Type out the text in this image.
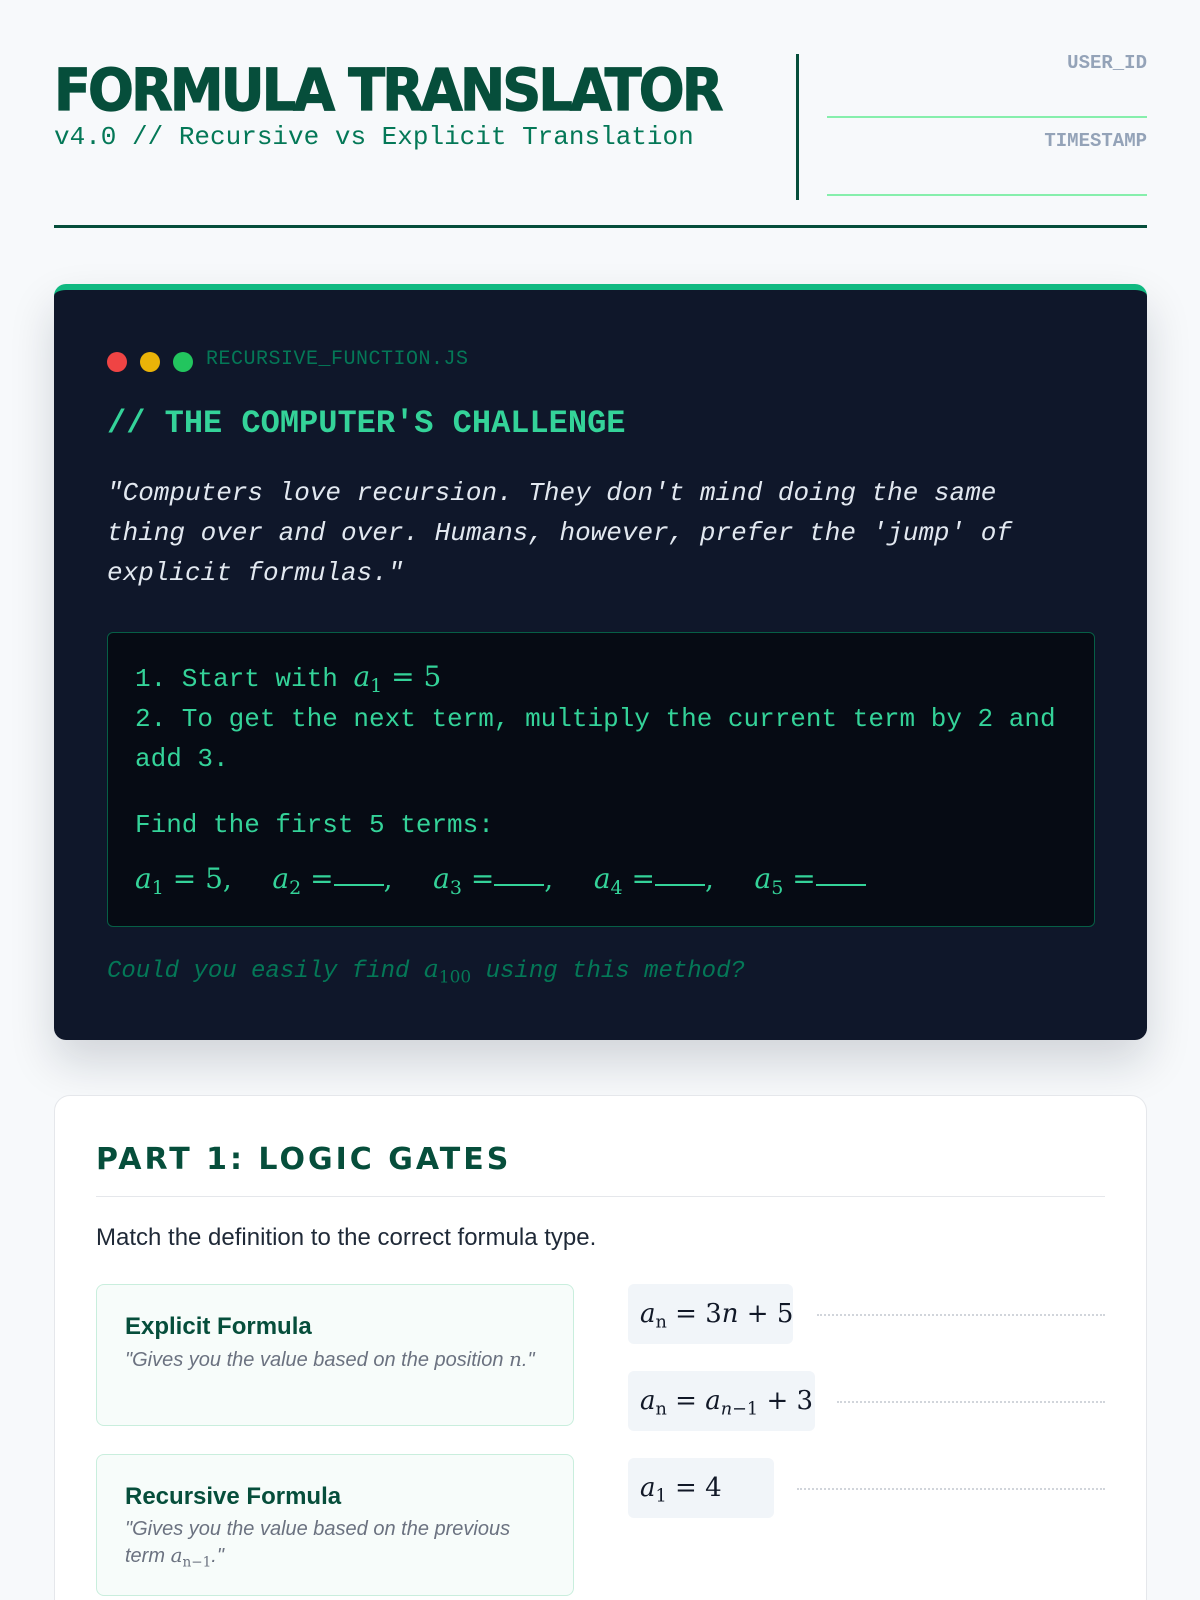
FORMULA TRANSLATOR
v4.0 // Recursive vs Explicit Translation
USER_ID
TIMESTAMP
RECURSIVE_FUNCTION.JS
// THE COMPUTER'S CHALLENGE
"Computers love recursion. They don't mind doing the same thing over and over. Humans, however, prefer the 'jump' of explicit formulas."
1. Start with $a_1 = 5$
2. To get the next term, multiply the current term by 2 and add 3.
Find the first 5 terms:
$a_1 = 5$, $a_2$ = , $a_3$ = , $a_4$ = , $a_5$ =
Could you easily find $a_{100}$ using this method?
PART 1: LOGIC GATES
Match the definition to the correct formula type.
Explicit Formula
"Gives you the value based on the position n."
Recursive Formula
"Gives you the value based on the previous term $a_{n-1}$."
$a_n = 3n + 5$
$a_n = a_{n-1} + 3$
$a_1 = 4$
